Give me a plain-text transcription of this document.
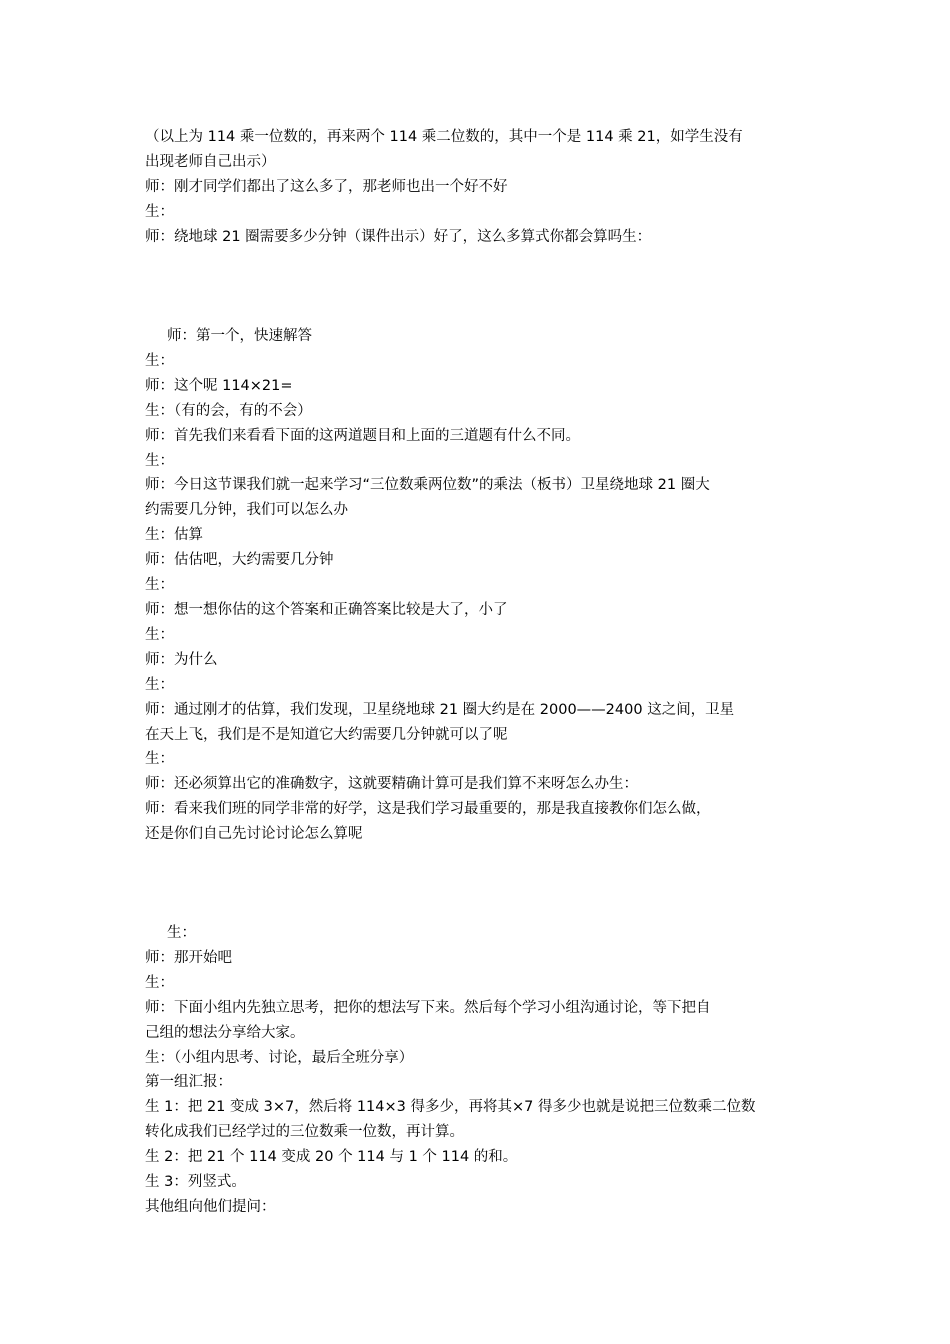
（以上为 114 乘一位数的，再来两个 114 乘二位数的，其中一个是 114 乘 21，如学生没有

出现老师自己出示）

师：刚才同学们都出了这么多了，那老师也出一个好不好

生：

师：绕地球 21 圈需要多少分钟（课件出示）好了，这么多算式你都会算吗生：

师：第一个，快速解答

生：

师：这个呢 114×21=

生：（有的会，有的不会）

师：首先我们来看看下面的这两道题目和上面的三道题有什么不同。

生：

师：今日这节课我们就一起来学习“三位数乘两位数”的乘法（板书）卫星绕地球 21 圈大

约需要几分钟，我们可以怎么办

生：估算

师：估估吧，大约需要几分钟

生：

师：想一想你估的这个答案和正确答案比较是大了，小了

生：

师：为什么

生：

师：通过刚才的估算，我们发现，卫星绕地球 21 圈大约是在 2000——2400 这之间，卫星

在天上飞，我们是不是知道它大约需要几分钟就可以了呢

生：

师：还必须算出它的准确数字，这就要精确计算可是我们算不来呀怎么办生：

师：看来我们班的同学非常的好学，这是我们学习最重要的，那是我直接教你们怎么做，

还是你们自己先讨论讨论怎么算呢

生：

师：那开始吧

生：

师：下面小组内先独立思考，把你的想法写下来。然后每个学习小组沟通讨论，等下把自

己组的想法分享给大家。

生：（小组内思考、讨论，最后全班分享）

第一组汇报：

生 1：把 21 变成 3×7，然后将 114×3 得多少，再将其×7 得多少也就是说把三位数乘二位数

转化成我们已经学过的三位数乘一位数，再计算。

生 2：把 21 个 114 变成 20 个 114 与 1 个 114 的和。

生 3：列竖式。

其他组向他们提问：
